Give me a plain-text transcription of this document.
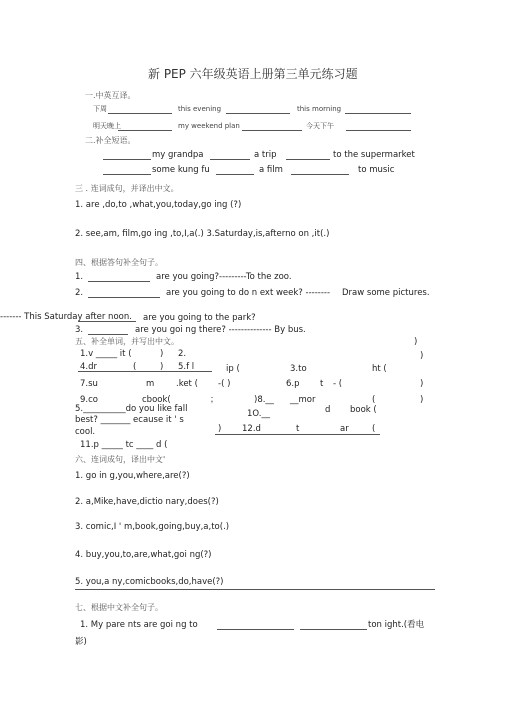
新 PEP 六年级英语上册第三单元练习题
一.中英互译。
下周	this evening	this morning
明天晚上	my weekend plan	今天下午
二.补全短语。
my grandpa	a trip	to the supermarket
some kung fu	a film	to music
三 . 连词成句，并译出中文。
1. are ,do,to ,what,you,today,go ing (?)
2. see,am, film,go ing ,to,I,a(.) 3.Saturday,is,afterno on ,it(.)
四、根据答句补全句子。
1.	are you going?---------To the zoo.
2.	are you going to do n ext week? -------- Draw some pictures.
------- This Saturday after noon. are you going to the park?
3.	are you goi ng there? -------------- By bus.
五、补全单词，并写出中文。	)
1.v _____ it (	) 2.	)
4.dr	(	) 5.f l	ip (	3.to	ht (
7.su	m	.ket ( -( )	6.p t - (	)
9.co	cbook(	；	)8.__ __mor	(	)
5.__________do you like fall
best? _______ ecause it ' s
cool.
1O.__	d book (
) 12.d	t	ar	(
11.p _____ tc ____ d (
六、连词成句，译出中文'
1. go in g,you,where,are(?)
2. a,Mike,have,dictio nary,does(?)
3. comic,I ' m,book,going,buy,a,to(.)
4. buy,you,to,are,what,goi ng(?)
5. you,a ny,comicbooks,do,have(?)
七、根据中文补全句子。
1. My pare nts are goi ng to	ton ight.(看电
影)
